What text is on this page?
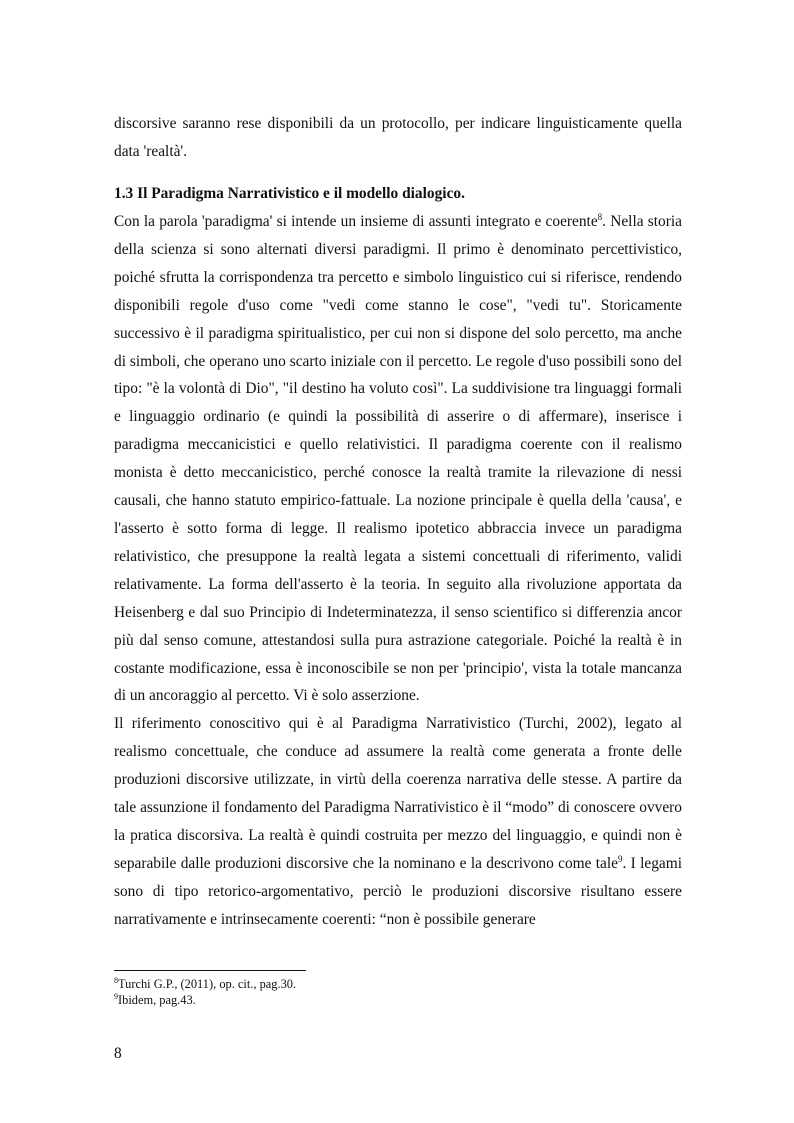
discorsive saranno rese disponibili da un protocollo, per indicare linguisticamente quella data 'realtà'.

1.3 Il Paradigma Narrativistico e il modello dialogico.

Con la parola 'paradigma' si intende un insieme di assunti integrato e coerente$^8$. Nella storia della scienza si sono alternati diversi paradigmi. Il primo è denominato percettivistico, poiché sfrutta la corrispondenza tra percetto e simbolo linguistico cui si riferisce, rendendo disponibili regole d'uso come "vedi come stanno le cose", "vedi tu". Storicamente successivo è il paradigma spiritualistico, per cui non si dispone del solo percetto, ma anche di simboli, che operano uno scarto iniziale con il percetto. Le regole d'uso possibili sono del tipo: "è la volontà di Dio", "il destino ha voluto così". La suddivisione tra linguaggi formali e linguaggio ordinario (e quindi la possibilità di asserire o di affermare), inserisce i paradigma meccanicistici e quello relativistici. Il paradigma coerente con il realismo monista è detto meccanicistico, perché conosce la realtà tramite la rilevazione di nessi causali, che hanno statuto empirico-fattuale. La nozione principale è quella della 'causa', e l'asserto è sotto forma di legge. Il realismo ipotetico abbraccia invece un paradigma relativistico, che presuppone la realtà legata a sistemi concettuali di riferimento, validi relativamente. La forma dell'asserto è la teoria. In seguito alla rivoluzione apportata da Heisenberg e dal suo Principio di Indeterminatezza, il senso scientifico si differenzia ancor più dal senso comune, attestandosi sulla pura astrazione categoriale. Poiché la realtà è in costante modificazione, essa è inconoscibile se non per 'principio', vista la totale mancanza di un ancoraggio al percetto. Vi è solo asserzione.

Il riferimento conoscitivo qui è al Paradigma Narrativistico (Turchi, 2002), legato al realismo concettuale, che conduce ad assumere la realtà come generata a fronte delle produzioni discorsive utilizzate, in virtù della coerenza narrativa delle stesse. A partire da tale assunzione il fondamento del Paradigma Narrativistico è il “modo” di conoscere ovvero la pratica discorsiva. La realtà è quindi costruita per mezzo del linguaggio, e quindi non è separabile dalle produzioni discorsive che la nominano e la descrivono come tale$^9$. I legami sono di tipo retorico-argomentativo, perciò le produzioni discorsive risultano essere narrativamente e intrinsecamente coerenti: “non è possibile generare

$^8$Turchi G.P., (2011), op. cit., pag.30.
$^9$Ibidem, pag.43.
8
